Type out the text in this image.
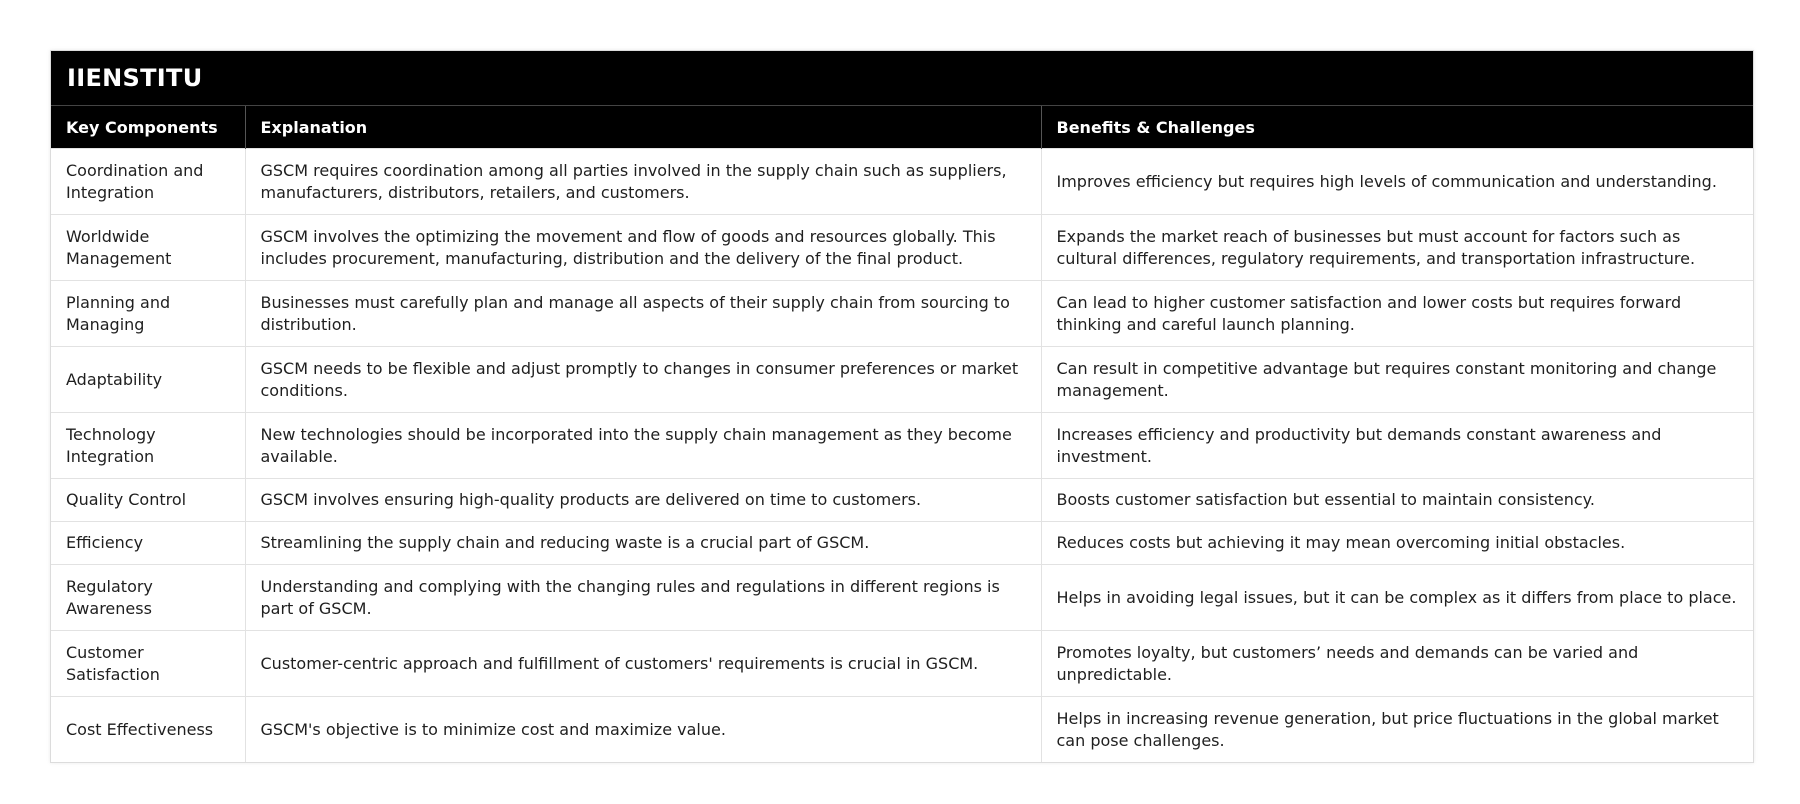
IIENSTITU
Key Components	Explanation	Benefits & Challenges
Coordination and Integration	GSCM requires coordination among all parties involved in the supply chain such as suppliers, manufacturers, distributors, retailers, and customers.	Improves efficiency but requires high levels of communication and understanding.
Worldwide Management	GSCM involves the optimizing the movement and flow of goods and resources globally. This includes procurement, manufacturing, distribution and the delivery of the final product.	Expands the market reach of businesses but must account for factors such as cultural differences, regulatory requirements, and transportation infrastructure.
Planning and Managing	Businesses must carefully plan and manage all aspects of their supply chain from sourcing to distribution.	Can lead to higher customer satisfaction and lower costs but requires forward thinking and careful launch planning.
Adaptability	GSCM needs to be flexible and adjust promptly to changes in consumer preferences or market conditions.	Can result in competitive advantage but requires constant monitoring and change management.
Technology Integration	New technologies should be incorporated into the supply chain management as they become available.	Increases efficiency and productivity but demands constant awareness and investment.
Quality Control	GSCM involves ensuring high-quality products are delivered on time to customers.	Boosts customer satisfaction but essential to maintain consistency.
Efficiency	Streamlining the supply chain and reducing waste is a crucial part of GSCM.	Reduces costs but achieving it may mean overcoming initial obstacles.
Regulatory Awareness	Understanding and complying with the changing rules and regulations in different regions is part of GSCM.	Helps in avoiding legal issues, but it can be complex as it differs from place to place.
Customer Satisfaction	Customer-centric approach and fulfillment of customers' requirements is crucial in GSCM.	Promotes loyalty, but customers’ needs and demands can be varied and unpredictable.
Cost Effectiveness	GSCM's objective is to minimize cost and maximize value.	Helps in increasing revenue generation, but price fluctuations in the global market can pose challenges.
